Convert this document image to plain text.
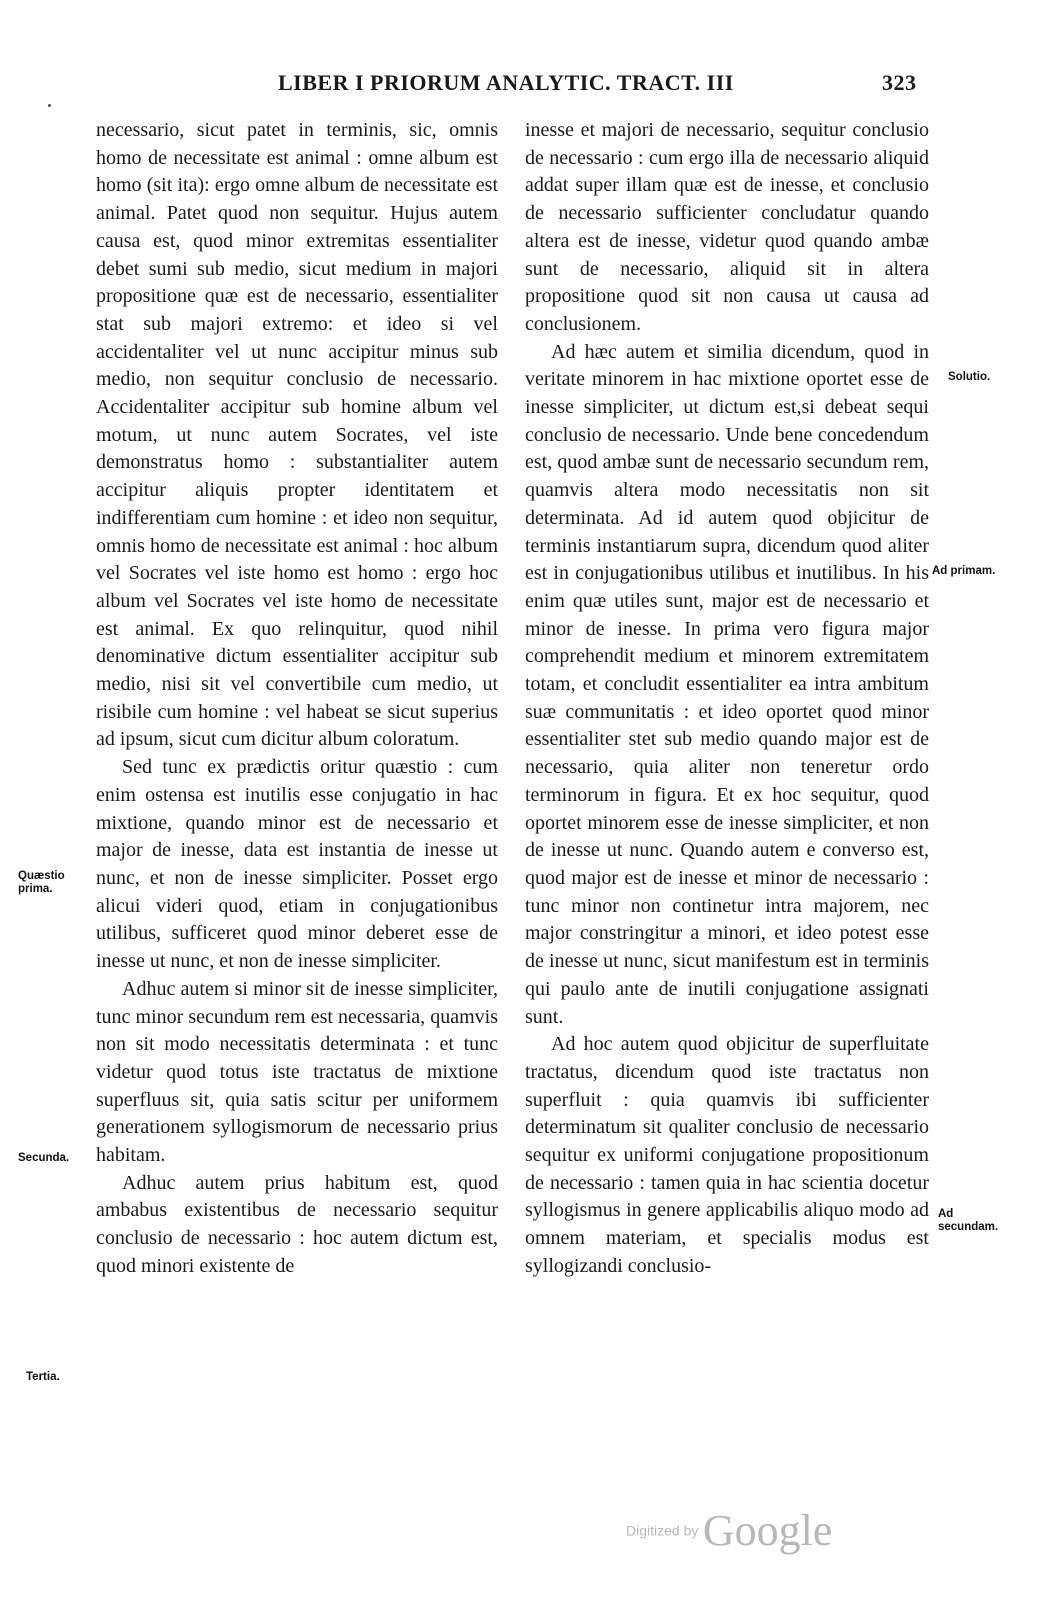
LIBER I PRIORUM ANALYTIC. TRACT. III	323

necessario, sicut patet in terminis, sic, omnis homo de necessitate est animal : omne album est homo (sit ita): ergo omne album de necessitate est animal. Patet quod non sequitur. Hujus autem causa est, quod minor extremitas essentialiter debet sumi sub medio, sicut medium in majori propositione quæ est de necessario, essentialiter stat sub majori extremo: et ideo si vel accidentaliter vel ut nunc accipitur minus sub medio, non sequitur conclusio de necessario. Accidentaliter accipitur sub homine album vel motum, ut nunc autem Socrates, vel iste demonstratus homo : substantialiter autem accipitur aliquis propter identitatem et indifferentiam cum homine : et ideo non sequitur, omnis homo de necessitate est animal : hoc album vel Socrates vel iste homo est homo : ergo hoc album vel Socrates vel iste homo de necessitate est animal. Ex quo relinquitur, quod nihil denominative dictum essentialiter accipitur sub medio, nisi sit vel convertibile cum medio, ut risibile cum homine : vel habeat se sicut superius ad ipsum, sicut cum dicitur album coloratum.

Sed tunc ex prædictis oritur quæstio : cum enim ostensa est inutilis esse conjugatio in hac mixtione, quando minor est de necessario et major de inesse, data est instantia de inesse ut nunc, et non de inesse simpliciter. Posset ergo alicui videri quod, etiam in conjugationibus utilibus, sufficeret quod minor deberet esse de inesse ut nunc, et non de inesse simpliciter.

Adhuc autem si minor sit de inesse simpliciter, tunc minor secundum rem est necessaria, quamvis non sit modo necessitatis determinata : et tunc videtur quod totus iste tractatus de mixtione superfluus sit, quia satis scitur per uniformem generationem syllogismorum de necessario prius habitam.

Adhuc autem prius habitum est, quod ambabus existentibus de necessario sequitur conclusio de necessario : hoc autem dictum est, quod minori existente de

inesse et majori de necessario, sequitur conclusio de necessario : cum ergo illa de necessario aliquid addat super illam quæ est de inesse, et conclusio de necessario sufficienter concludatur quando altera est de inesse, videtur quod quando ambæ sunt de necessario, aliquid sit in altera propositione quod sit non causa ut causa ad conclusionem.

Ad hæc autem et similia dicendum, quod in veritate minorem in hac mixtione oportet esse de inesse simpliciter, ut dictum est,si debeat sequi conclusio de necessario. Unde bene concedendum est, quod ambæ sunt de necessario secundum rem, quamvis altera modo necessitatis non sit determinata. Ad id autem quod objicitur de terminis instantiarum supra, dicendum quod aliter est in conjugationibus utilibus et inutilibus. In his enim quæ utiles sunt, major est de necessario et minor de inesse. In prima vero figura major comprehendit medium et minorem extremitatem totam, et concludit essentialiter ea intra ambitum suæ communitatis : et ideo oportet quod minor essentialiter stet sub medio quando major est de necessario, quia aliter non teneretur ordo terminorum in figura. Et ex hoc sequitur, quod oportet minorem esse de inesse simpliciter, et non de inesse ut nunc. Quando autem e converso est, quod major est de inesse et minor de necessario : tunc minor non continetur intra majorem, nec major constringitur a minori, et ideo potest esse de inesse ut nunc, sicut manifestum est in terminis qui paulo ante de inutili conjugatione assignati sunt.

Ad hoc autem quod objicitur de superfluitate tractatus, dicendum quod iste tractatus non superfluit : quia quamvis ibi sufficienter determinatum sit qualiter conclusio de necessario sequitur ex uniformi conjugatione propositionum de necessario : tamen quia in hac scientia docetur syllogismus in genere applicabilis aliquo modo ad omnem materiam, et specialis modus est syllogizandi conclusio-

Quæstio prima.
Secunda.
Tertia.
Solutio.
Ad primam.
Ad secundam.
Digitized by Google
